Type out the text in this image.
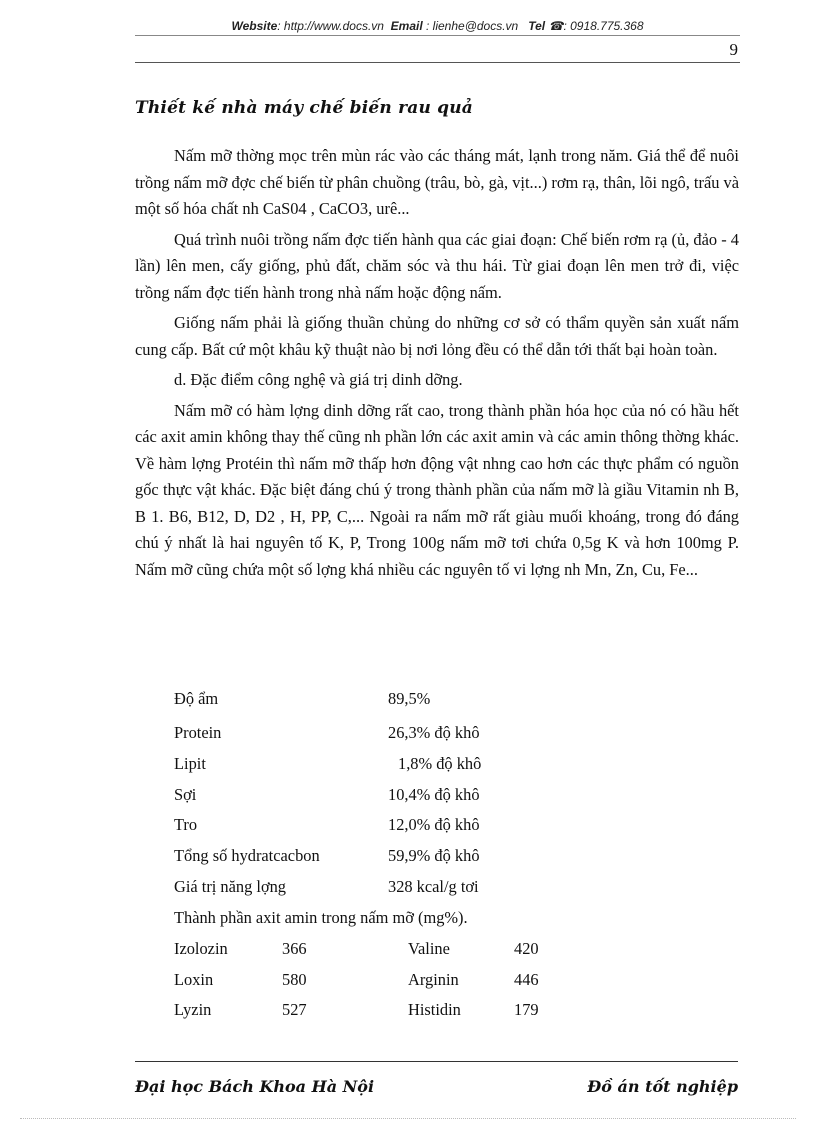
Website: http://www.docs.vn Email : lienhe@docs.vn Tel ☎: 0918.775.368
9
Thiết kế nhà máy chế biến rau quả

Nấm mỡ thờng mọc trên mùn rác vào các tháng mát, lạnh trong năm. Giá thể để nuôi trồng nấm mỡ đợc chế biến từ phân chuồng (trâu, bò, gà, vịt...) rơm rạ, thân, lõi ngô, trấu và một số hóa chất nh CaS04 , CaCO3, urê...

Quá trình nuôi trồng nấm đợc tiến hành qua các giai đoạn: Chế biến rơm rạ (ủ, đảo - 4 lần) lên men, cấy giống, phủ đất, chăm sóc và thu hái. Từ giai đoạn lên men trở đi, việc trồng nấm đợc tiến hành trong nhà nấm hoặc động nấm.

Giống nấm phải là giống thuần chủng do những cơ sở có thẩm quyền sản xuất nấm cung cấp. Bất cứ một khâu kỹ thuật nào bị nơi lỏng đều có thể dẫn tới thất bại hoàn toàn.

d. Đặc điểm công nghệ và giá trị dinh dỡng.

Nấm mỡ có hàm lợng dinh dỡng rất cao, trong thành phần hóa học của nó có hầu hết các axit amin không thay thế cũng nh phần lớn các axit amin và các amin thông thờng khác. Về hàm lợng Protéin thì nấm mỡ thấp hơn động vật nhng cao hơn các thực phẩm có nguồn gốc thực vật khác. Đặc biệt đáng chú ý trong thành phần của nấm mỡ là giầu Vitamin nh B, B 1. B6, B12, D, D2 , H, PP, C,... Ngoài ra nấm mỡ rất giàu muối khoáng, trong đó đáng chú ý nhất là hai nguyên tố K, P, Trong 100g nấm mỡ tơi chứa 0,5g K và hơn 100mg P. Nấm mỡ cũng chứa một số lợng khá nhiều các nguyên tố vi lợng nh Mn, Zn, Cu, Fe...

Độ ẩm	89,5%
Protein	26,3% độ khô
Lipit	1,8% độ khô
Sợi	10,4% độ khô
Tro	12,0% độ khô
Tổng số hydratcacbon	59,9% độ khô
Giá trị năng lợng	328 kcal/g tơi
Thành phần axit amin trong nấm mỡ (mg%).
Izolozin	366	Valine	420
Loxin	580	Arginin	446
Lyzin	527	Histidin	179
Đại học Bách Khoa Hà Nội	Đồ án tốt nghiệp
